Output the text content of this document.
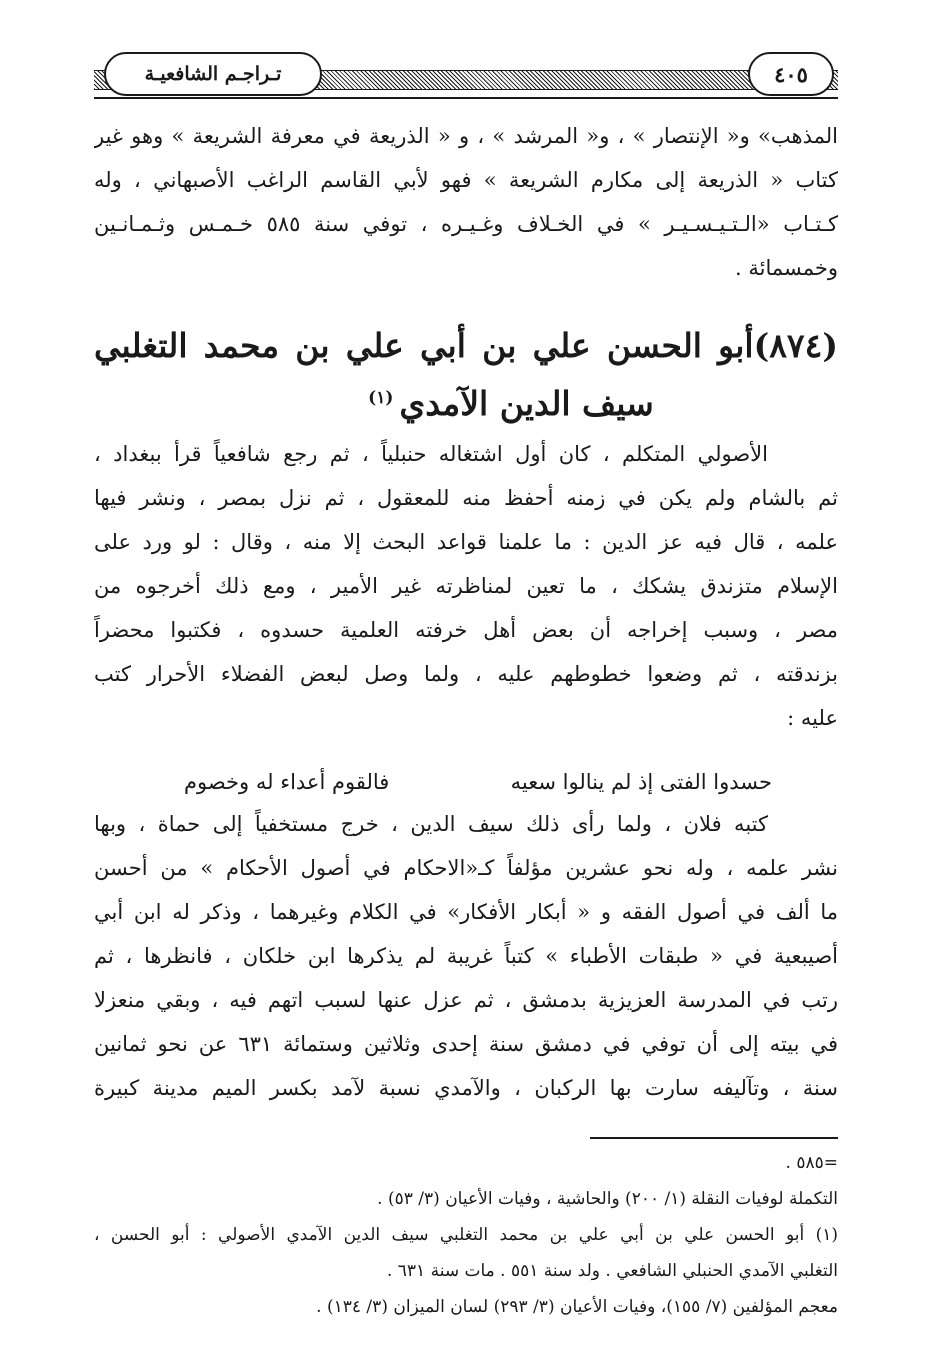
٤٠٥
تـراجـم الشافعيـة
المذهب» و« الإنتصار » ، و« المرشد » ، و « الذريعة في معرفة الشريعة » وهو غير
كتاب « الذريعة إلى مكارم الشريعة » فهو لأبي القاسم الراغب الأصبهاني ، وله
كـتـاب «الـتـيـسـيـر » في الخـلاف وغـيـره ، توفي سنة ٥٨٥ خـمـس وثـمـانـين
وخمسمائة .
(٨٧٤)أبو الحسن علي بن أبي علي بن محمد التغلبي
سيف الدين الآمدي$^{(١)}$
الأصولي المتكلم ، كان أول اشتغاله حنبلياً ، ثم رجع شافعياً قرأ ببغداد ،
ثم بالشام ولم يكن في زمنه أحفظ منه للمعقول ، ثم نزل بمصر ، ونشر فيها
علمه ، قال فيه عز الدين : ما علمنا قواعد البحث إلا منه ، وقال : لو ورد على
الإسلام متزندق يشكك ، ما تعين لمناظرته غير الأمير ، ومع ذلك أخرجوه من
مصر ، وسبب إخراجه أن بعض أهل خرفته العلمية حسدوه ، فكتبوا محضراً
بزندقته ، ثم وضعوا خطوطهم عليه ، ولما وصل لبعض الفضلاء الأحرار كتب
عليه :
حسدوا الفتى إذ لم ينالوا سعيه
فالقوم أعداء له وخصوم
كتبه فلان ، ولما رأى ذلك سيف الدين ، خرج مستخفياً إلى حماة ، وبها
نشر علمه ، وله نحو عشرين مؤلفاً كـ«الاحكام في أصول الأحكام » من أحسن
ما ألف في أصول الفقه و « أبكار الأفكار» في الكلام وغيرهما ، وذكر له ابن أبي
أصيبعية في « طبقات الأطباء » كتباً غريبة لم يذكرها ابن خلكان ، فانظرها ، ثم
رتب في المدرسة العزيزية بدمشق ، ثم عزل عنها لسبب اتهم فيه ، وبقي منعزلا
في بيته إلى أن توفي في دمشق سنة إحدى وثلاثين وستمائة ٦٣١ عن نحو ثمانين
سنة ، وتآليفه سارت بها الركبان ، والآمدي نسبة لآمد بكسر الميم مدينة كبيرة
=٥٨٥ .
التكملة لوفيات النقلة (١/ ٢٠٠) والحاشية ، وفيات الأعيان (٣/ ٥٣) .
(١) أبو الحسن علي بن أبي علي بن محمد التغلبي سيف الدين الآمدي الأصولي : أبو الحسن ،
التغلبي الآمدي الحنبلي الشافعي . ولد سنة ٥٥١ . مات سنة ٦٣١ .
معجم المؤلفين (٧/ ١٥٥)، وفيات الأعيان (٣/ ٢٩٣) لسان الميزان (٣/ ١٣٤) .
